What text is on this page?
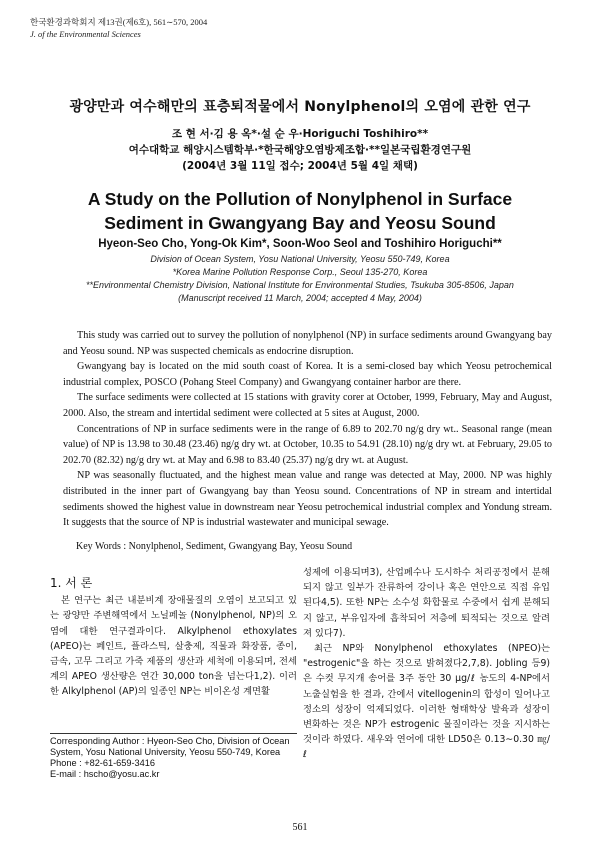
한국환경과학회지 제13권(제6호), 561∼570, 2004
J. of the Environmental Sciences
광양만과 여수해만의 표층퇴적물에서 Nonylphenol의 오염에 관한 연구
조 현 서·김 용 옥*·설 순 우·Horiguchi Toshihiro**
여수대학교 해양시스템학부·*한국해양오염방제조합·**일본국립환경연구원
(2004년 3월 11일 접수; 2004년 5월 4일 채택)
A Study on the Pollution of Nonylphenol in Surface
Sediment in Gwangyang Bay and Yeosu Sound
Hyeon-Seo Cho, Yong-Ok Kim*, Soon-Woo Seol and Toshihiro Horiguchi**
Division of Ocean System, Yosu National University, Yeosu 550-749, Korea
*Korea Marine Pollution Response Corp., Seoul 135-270, Korea
**Environmental Chemistry Division, National Institute for Environmental Studies, Tsukuba 305-8506, Japan
(Manuscript received 11 March, 2004; accepted 4 May, 2004)

This study was carried out to survey the pollution of nonylphenol (NP) in surface sediments around Gwangyang bay and Yeosu sound. NP was suspected chemicals as endocrine disruption.

Gwangyang bay is located on the mid south coast of Korea. It is a semi-closed bay which Yeosu petrochemical industrial complex, POSCO (Pohang Steel Company) and Gwangyang container harbor are there.

The surface sediments were collected at 15 stations with gravity corer at October, 1999, February, May and August, 2000. Also, the stream and intertidal sediment were collected at 5 sites at August, 2000.

Concentrations of NP in surface sediments were in the range of 6.89 to 202.70 ng/g dry wt.. Seasonal range (mean value) of NP is 13.98 to 30.48 (23.46) ng/g dry wt. at October, 10.35 to 54.91 (28.10) ng/g dry wt. at February, 29.05 to 202.70 (82.32) ng/g dry wt. at May and 6.98 to 83.40 (25.37) ng/g dry wt. at August.

NP was seasonally fluctuated, and the highest mean value and range was detected at May, 2000. NP was highly distributed in the inner part of Gwangyang bay than Yeosu sound. Concentrations of NP in stream and intertidal sediments showed the highest value in downstream near Yeosu petrochemical industrial complex and Yondung stream. It suggests that the source of NP is industrial wastewater and municipal sewage.

Key Words : Nonylphenol, Sediment, Gwangyang Bay, Yeosu Sound
1. 서 론

본 연구는 최근 내분비계 장애물질의 오염이 보고되고 있는 광양만 주변해역에서 노닐페놀 (Nonylphenol, NP)의 오염에 대한 연구결과이다. Alkylphenol ethoxylates (APEO)는 페인트, 플라스틱, 살충제, 직물과 화장품, 종이, 금속, 고무 그리고 가죽 제품의 생산과 세척에 이용되며, 전세계의 APEO 생산량은 연간 30,000 ton을 넘는다1,2). 이러한 Alkylphenol (AP)의 일종인 NP는 비이온성 계면활

성제에 이용되며3), 산업폐수나 도시하수 처리공정에서 분해되지 않고 일부가 잔류하여 강이나 혹은 연안으로 직접 유입된다4,5). 또한 NP는 소수성 화합물로 수중에서 쉽게 분해되지 않고, 부유입자에 흡착되어 저층에 퇴적되는 것으로 알려져 있다7).

최근 NP와 Nonylphenol ethoxylates (NPEO)는 "estrogenic"을 하는 것으로 밝혀졌다2,7,8). Jobling 등9)은 수컷 무지개 송어를 3주 동안 30 μg/ℓ 농도의 4-NP에서 노출실험을 한 결과, 간에서 vitellogenin의 합성이 일어나고 정소의 성장이 억제되었다. 이러한 형태학상 발육과 성장이 변화하는 것은 NP가 estrogenic 물질이라는 것을 지시하는 것이라 하였다. 새우와 연어에 대한 LD50은 0.13∼0.30 ㎎/ℓ

Corresponding Author : Hyeon-Seo Cho, Division of Ocean
System, Yosu National University, Yeosu 550-749, Korea
Phone : +82-61-659-3416
E-mail : hscho@yosu.ac.kr
561
